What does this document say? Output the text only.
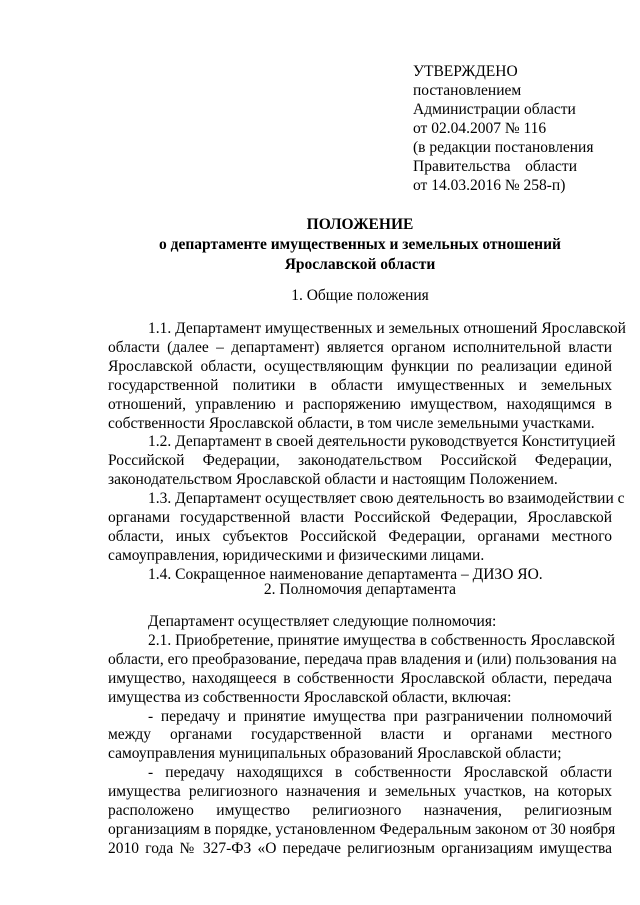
УТВЕРЖДЕНО
постановлением
Администрации области
от 02.04.2007 № 116
(в редакции постановления
Правительства области
от 14.03.2016 № 258-п)
ПОЛОЖЕНИЕ
о департаменте имущественных и земельных отношений
Ярославской области
1. Общие положения
1.1. Департамент имущественных и земельных отношений Ярославской
области (далее – департамент) является органом исполнительной власти
Ярославской области, осуществляющим функции по реализации единой
государственной политики в области имущественных и земельных
отношений, управлению и распоряжению имуществом, находящимся в
собственности Ярославской области, в том числе земельными участками.
1.2. Департамент в своей деятельности руководствуется Конституцией
Российской Федерации, законодательством Российской Федерации,
законодательством Ярославской области и настоящим Положением.
1.3. Департамент осуществляет свою деятельность во взаимодействии с
органами государственной власти Российской Федерации, Ярославской
области, иных субъектов Российской Федерации, органами местного
самоуправления, юридическими и физическими лицами.
1.4. Сокращенное наименование департамента – ДИЗО ЯО.
2. Полномочия департамента
Департамент осуществляет следующие полномочия:
2.1. Приобретение, принятие имущества в собственность Ярославской
области, его преобразование, передача прав владения и (или) пользования на
имущество, находящееся в собственности Ярославской области, передача
имущества из собственности Ярославской области, включая:
- передачу и принятие имущества при разграничении полномочий
между органами государственной власти и органами местного
самоуправления муниципальных образований Ярославской области;
- передачу находящихся в собственности Ярославской области
имущества религиозного назначения и земельных участков, на которых
расположено имущество религиозного назначения, религиозным
организациям в порядке, установленном Федеральным законом от 30 ноября
2010 года № 327-ФЗ «О передаче религиозным организациям имущества
